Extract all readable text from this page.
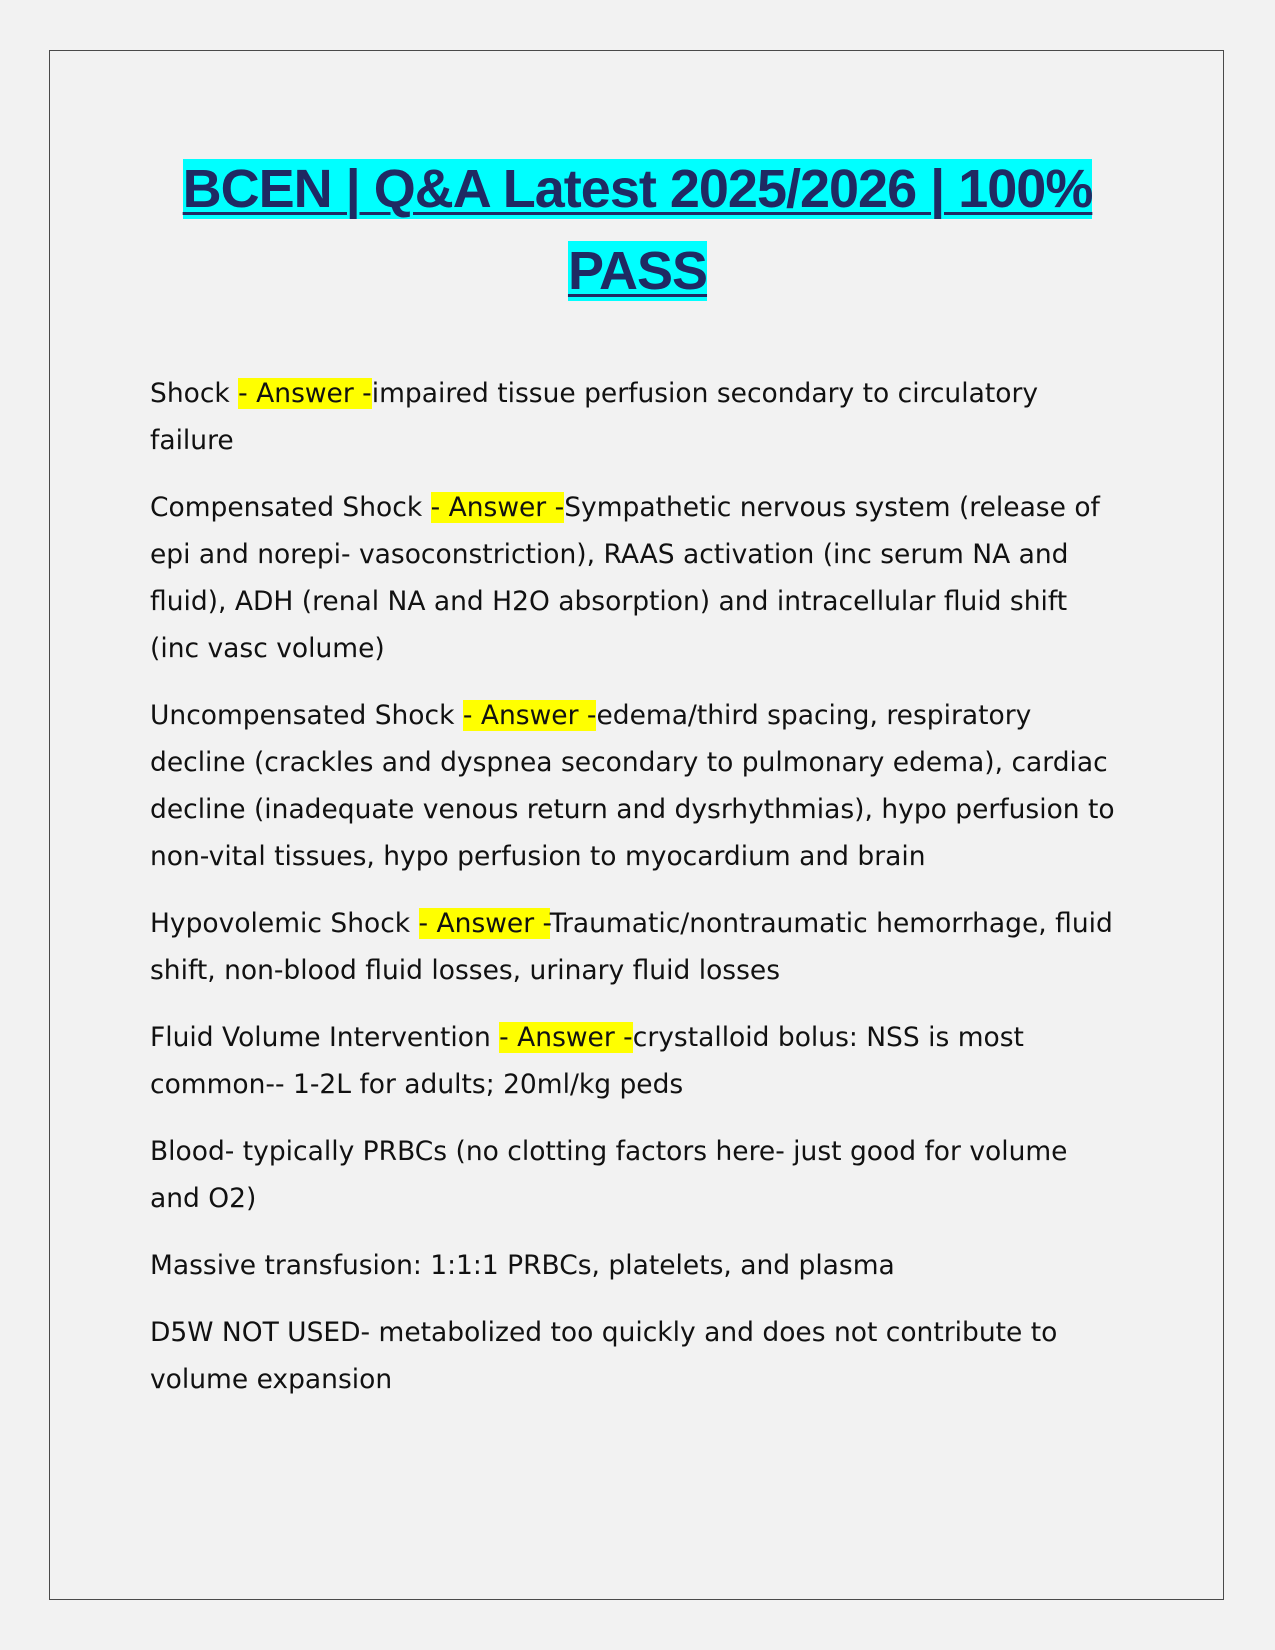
BCEN | Q&A Latest 2025/2026 | 100% PASS

Shock - Answer -impaired tissue perfusion secondary to circulatory failure

Compensated Shock - Answer -Sympathetic nervous system (release of epi and norepi- vasoconstriction), RAAS activation (inc serum NA and fluid), ADH (renal NA and H2O absorption) and intracellular fluid shift (inc vasc volume)

Uncompensated Shock - Answer -edema/third spacing, respiratory decline (crackles and dyspnea secondary to pulmonary edema), cardiac decline (inadequate venous return and dysrhythmias), hypo perfusion to non-vital tissues, hypo perfusion to myocardium and brain

Hypovolemic Shock - Answer -Traumatic/nontraumatic hemorrhage, fluid shift, non-blood fluid losses, urinary fluid losses

Fluid Volume Intervention - Answer -crystalloid bolus: NSS is most common-- 1-2L for adults; 20ml/kg peds

Blood- typically PRBCs (no clotting factors here- just good for volume and O2)

Massive transfusion: 1:1:1 PRBCs, platelets, and plasma

D5W NOT USED- metabolized too quickly and does not contribute to volume expansion
